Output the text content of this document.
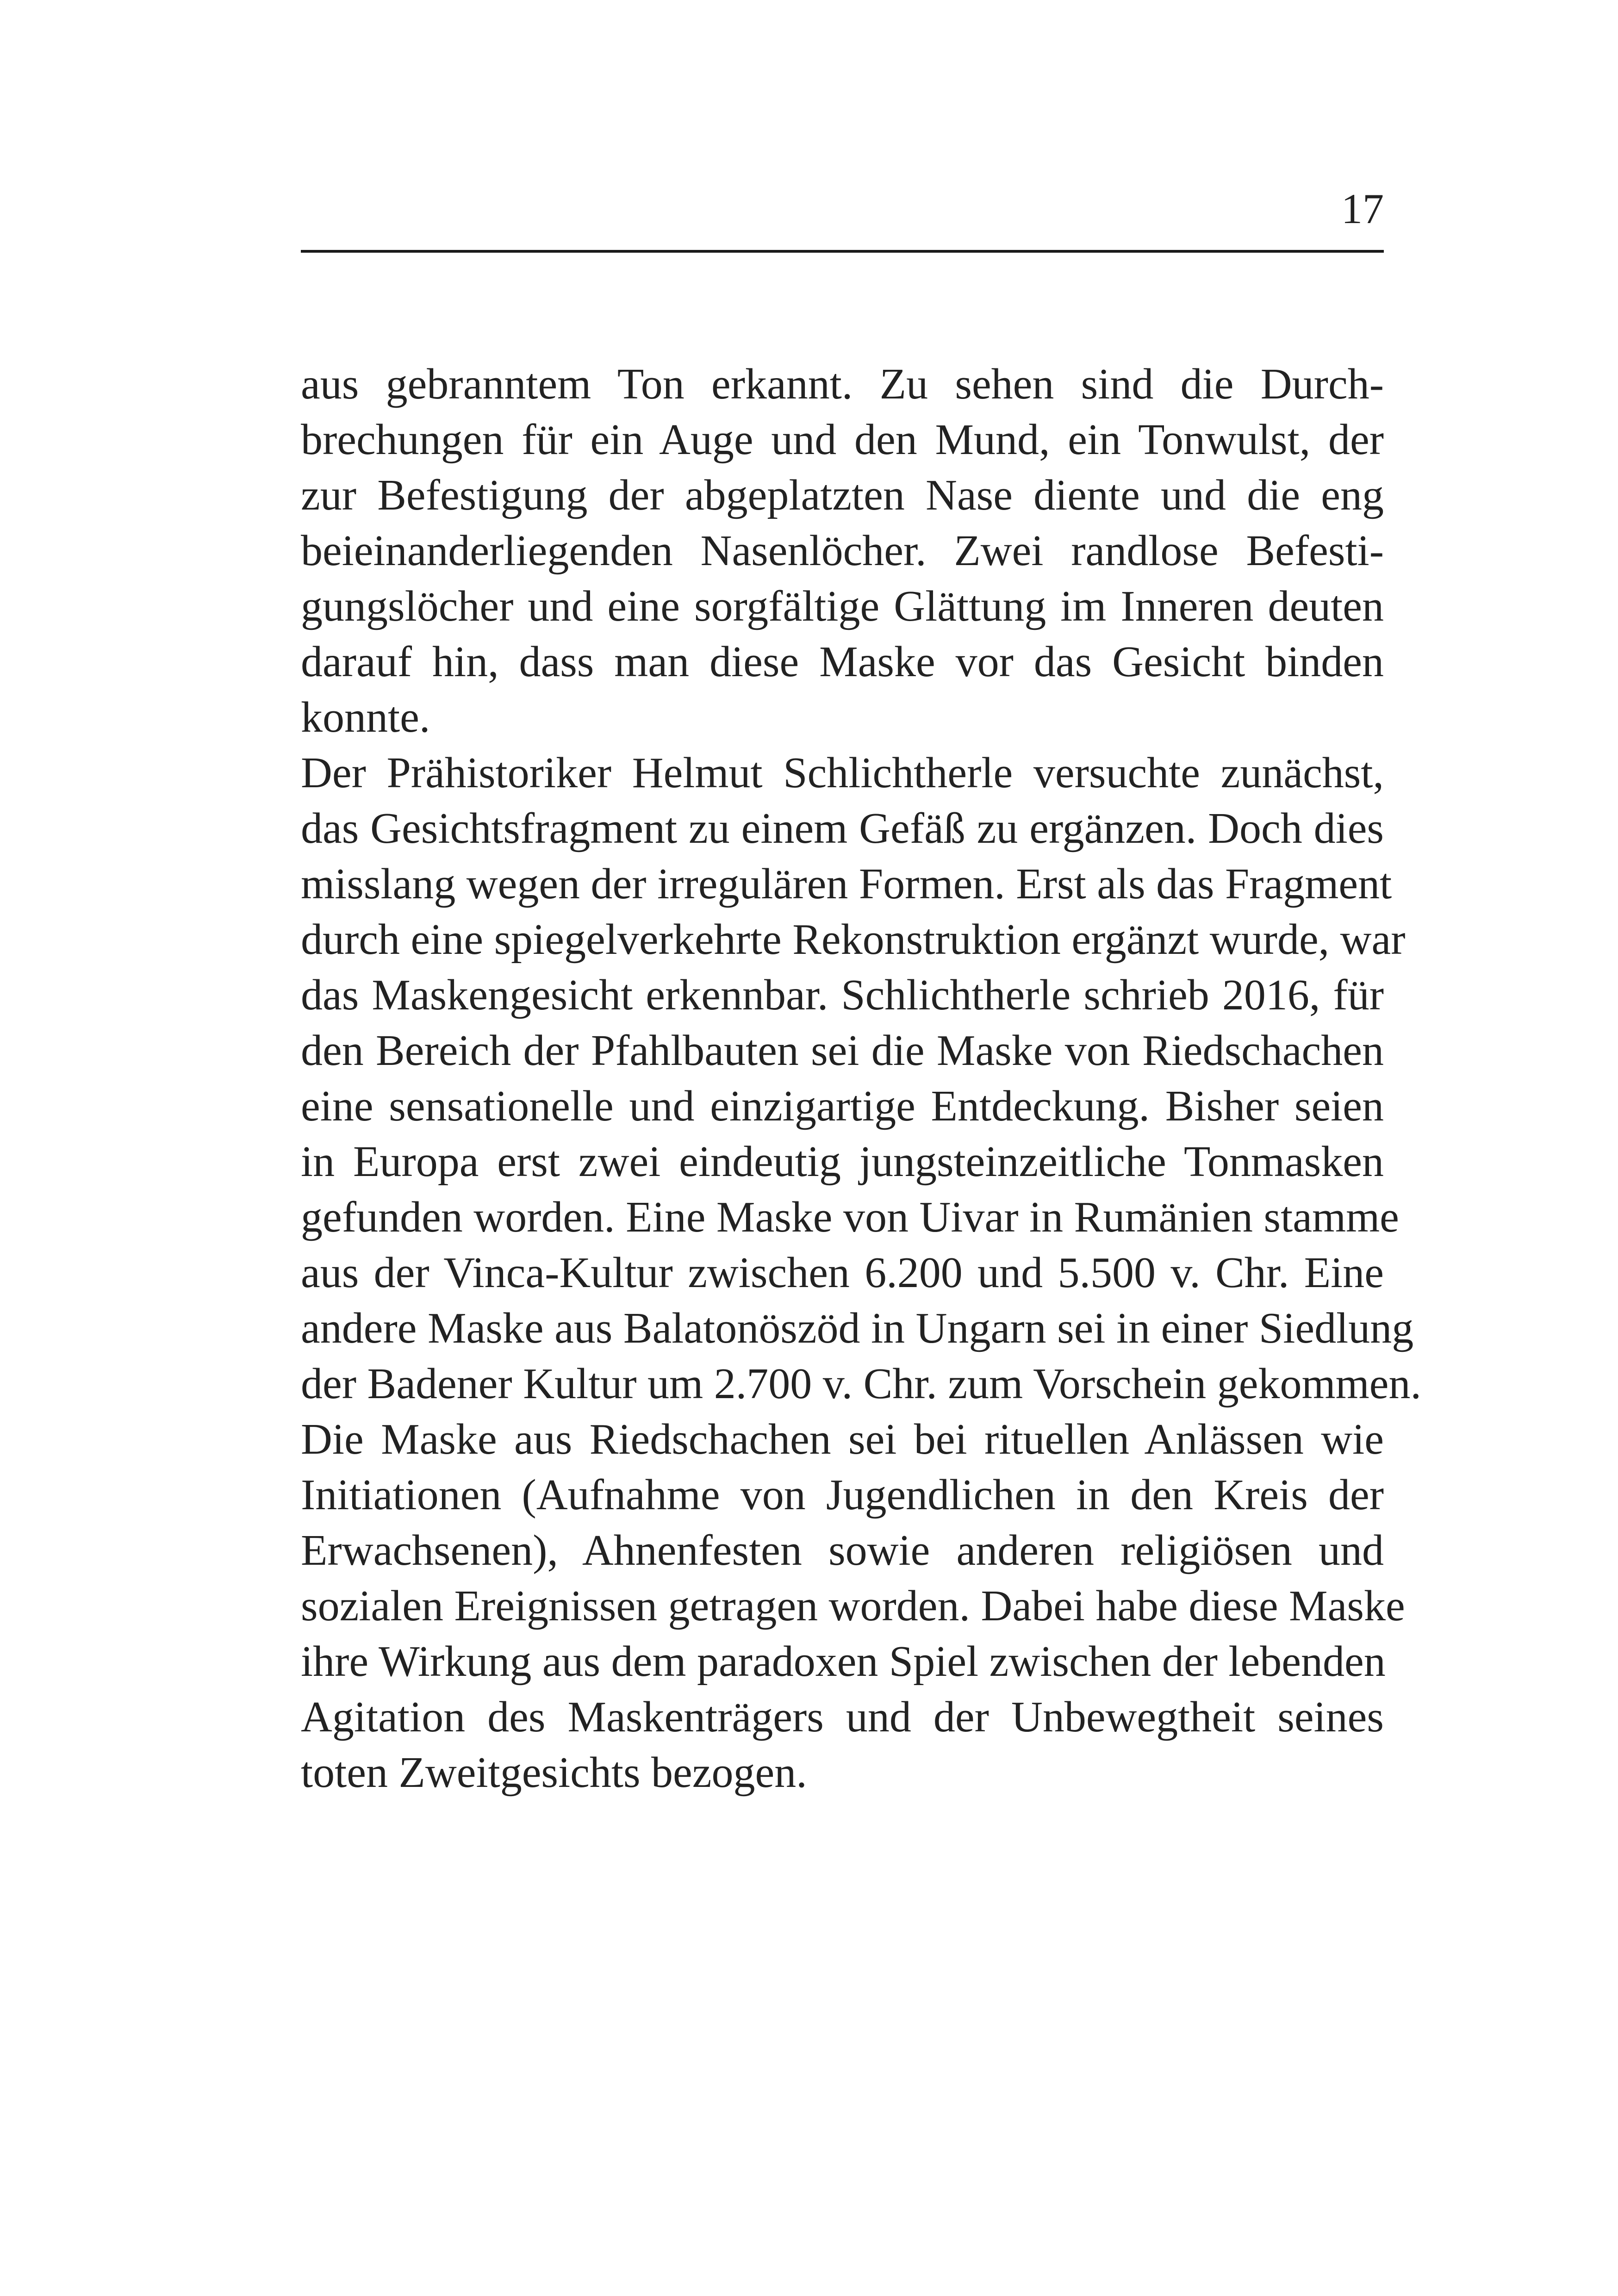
17
aus gebranntem Ton erkannt. Zu sehen sind die Durch-
brechungen für ein Auge und den Mund, ein Tonwulst, der
zur Befestigung der abgeplatzten Nase diente und die eng
beieinanderliegenden Nasenlöcher. Zwei randlose Befesti-
gungslöcher und eine sorgfältige Glättung im Inneren deuten
darauf hin, dass man diese Maske vor das Gesicht binden
konnte.
Der Prähistoriker Helmut Schlichtherle versuchte zunächst,
das Gesichtsfragment zu einem Gefäß zu ergänzen. Doch dies
misslang wegen der irregulären Formen. Erst als das Fragment
durch eine spiegelverkehrte Rekonstruktion ergänzt wurde, war
das Maskengesicht erkennbar. Schlichtherle schrieb 2016, für
den Bereich der Pfahlbauten sei die Maske von Riedschachen
eine sensationelle und einzigartige Entdeckung. Bisher seien
in Europa erst zwei eindeutig jungsteinzeitliche Tonmasken
gefunden worden. Eine Maske von Uivar in Rumänien stamme
aus der Vinca-Kultur zwischen 6.200 und 5.500 v. Chr. Eine
andere Maske aus Balatonöszöd in Ungarn sei in einer Siedlung
der Badener Kultur um 2.700 v. Chr. zum Vorschein gekommen.
Die Maske aus Riedschachen sei bei rituellen Anlässen wie
Initiationen (Aufnahme von Jugendlichen in den Kreis der
Erwachsenen), Ahnenfesten sowie anderen religiösen und
sozialen Ereignissen getragen worden. Dabei habe diese Maske
ihre Wirkung aus dem paradoxen Spiel zwischen der lebenden
Agitation des Maskenträgers und der Unbewegtheit seines
toten Zweitgesichts bezogen.
